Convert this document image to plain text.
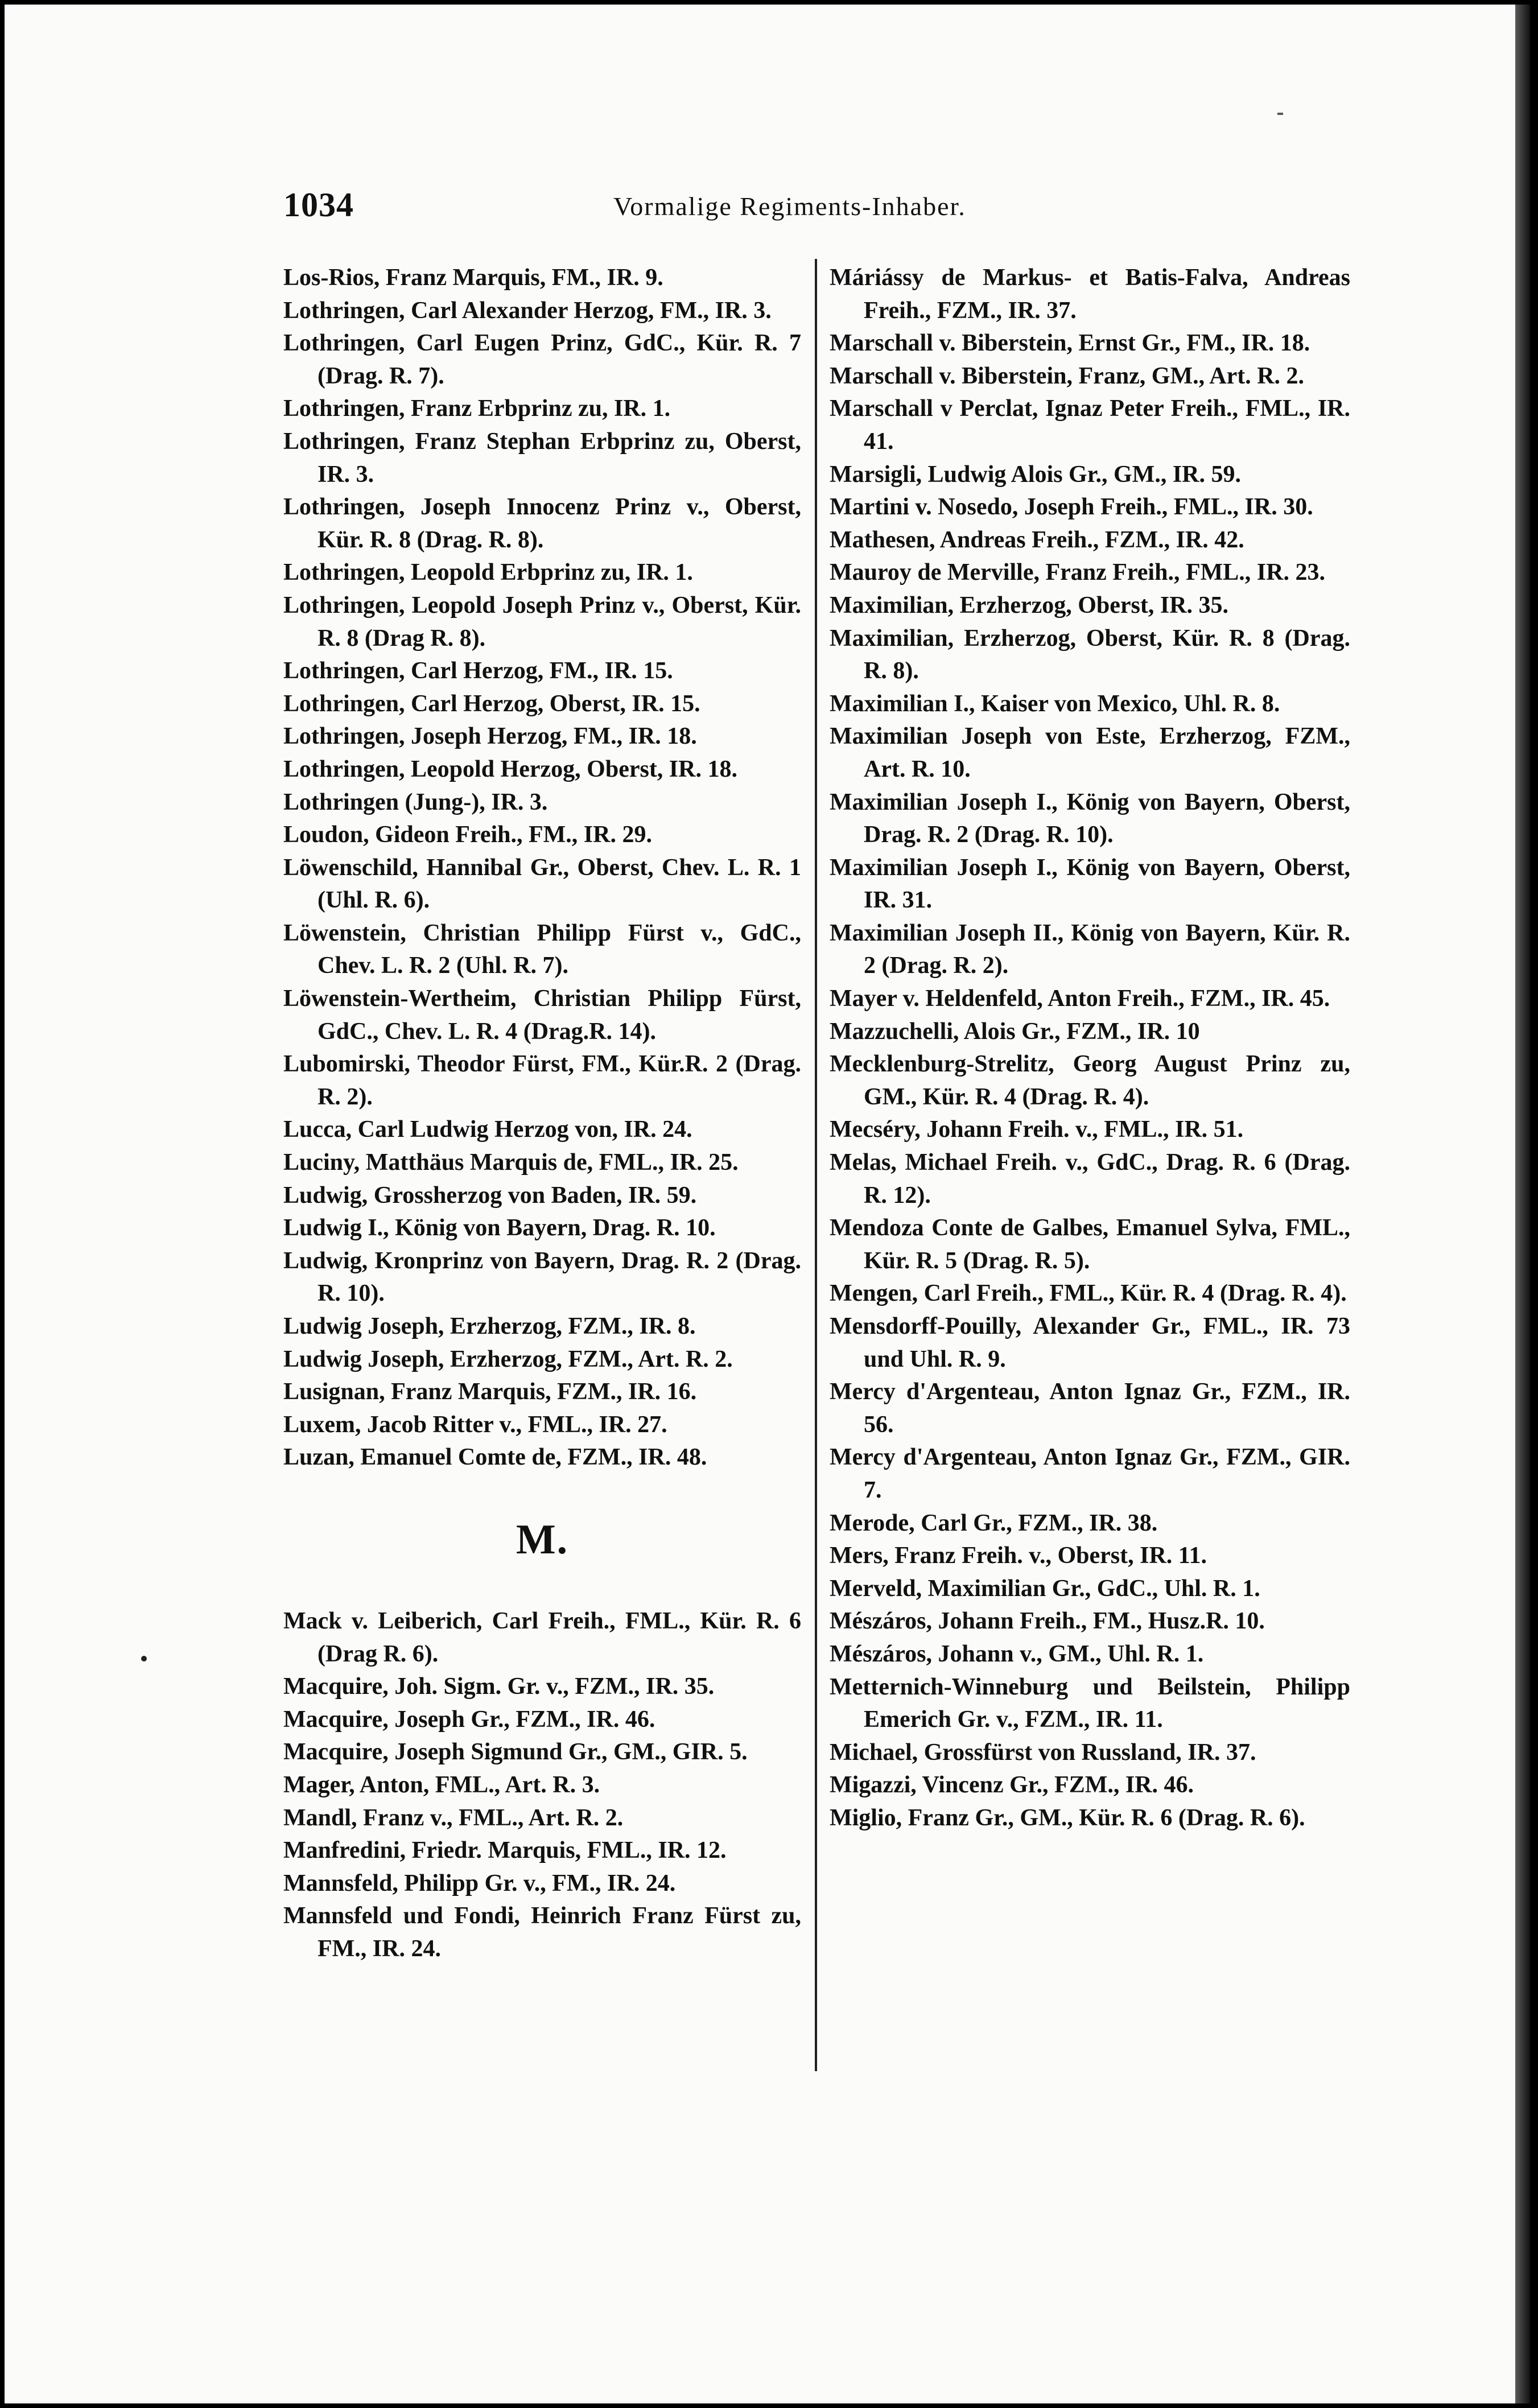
1034	Vormalige Regiments-Inhaber.

Los-Rios, Franz Marquis, FM., IR. 9.

Lothringen, Carl Alexander Herzog, FM., IR. 3.

Lothringen, Carl Eugen Prinz, GdC., Kür. R. 7 (Drag. R. 7).

Lothringen, Franz Erbprinz zu, IR. 1.

Lothringen, Franz Stephan Erbprinz zu, Oberst, IR. 3.

Lothringen, Joseph Innocenz Prinz v., Oberst, Kür. R. 8 (Drag. R. 8).

Lothringen, Leopold Erbprinz zu, IR. 1.

Lothringen, Leopold Joseph Prinz v., Oberst, Kür. R. 8 (Drag R. 8).

Lothringen, Carl Herzog, FM., IR. 15.

Lothringen, Carl Herzog, Oberst, IR. 15.

Lothringen, Joseph Herzog, FM., IR. 18.

Lothringen, Leopold Herzog, Oberst, IR. 18.

Lothringen (Jung-), IR. 3.

Loudon, Gideon Freih., FM., IR. 29.

Löwenschild, Hannibal Gr., Oberst, Chev. L. R. 1 (Uhl. R. 6).

Löwenstein, Christian Philipp Fürst v., GdC., Chev. L. R. 2 (Uhl. R. 7).

Löwenstein-Wertheim, Christian Philipp Fürst, GdC., Chev. L. R. 4 (Drag.R. 14).

Lubomirski, Theodor Fürst, FM., Kür.R. 2 (Drag. R. 2).

Lucca, Carl Ludwig Herzog von, IR. 24.

Luciny, Matthäus Marquis de, FML., IR. 25.

Ludwig, Grossherzog von Baden, IR. 59.

Ludwig I., König von Bayern, Drag. R. 10.

Ludwig, Kronprinz von Bayern, Drag. R. 2 (Drag. R. 10).

Ludwig Joseph, Erzherzog, FZM., IR. 8.

Ludwig Joseph, Erzherzog, FZM., Art. R. 2.

Lusignan, Franz Marquis, FZM., IR. 16.

Luxem, Jacob Ritter v., FML., IR. 27.

Luzan, Emanuel Comte de, FZM., IR. 48.

M.

Mack v. Leiberich, Carl Freih., FML., Kür. R. 6 (Drag R. 6).

Macquire, Joh. Sigm. Gr. v., FZM., IR. 35.

Macquire, Joseph Gr., FZM., IR. 46.

Macquire, Joseph Sigmund Gr., GM., GIR. 5.

Mager, Anton, FML., Art. R. 3.

Mandl, Franz v., FML., Art. R. 2.

Manfredini, Friedr. Marquis, FML., IR. 12.

Mannsfeld, Philipp Gr. v., FM., IR. 24.

Mannsfeld und Fondi, Heinrich Franz Fürst zu, FM., IR. 24.

Máriássy de Markus- et Batis-Falva, Andreas Freih., FZM., IR. 37.

Marschall v. Biberstein, Ernst Gr., FM., IR. 18.

Marschall v. Biberstein, Franz, GM., Art. R. 2.

Marschall v Perclat, Ignaz Peter Freih., FML., IR. 41.

Marsigli, Ludwig Alois Gr., GM., IR. 59.

Martini v. Nosedo, Joseph Freih., FML., IR. 30.

Mathesen, Andreas Freih., FZM., IR. 42.

Mauroy de Merville, Franz Freih., FML., IR. 23.

Maximilian, Erzherzog, Oberst, IR. 35.

Maximilian, Erzherzog, Oberst, Kür. R. 8 (Drag. R. 8).

Maximilian I., Kaiser von Mexico, Uhl. R. 8.

Maximilian Joseph von Este, Erzherzog, FZM., Art. R. 10.

Maximilian Joseph I., König von Bayern, Oberst, Drag. R. 2 (Drag. R. 10).

Maximilian Joseph I., König von Bayern, Oberst, IR. 31.

Maximilian Joseph II., König von Bayern, Kür. R. 2 (Drag. R. 2).

Mayer v. Heldenfeld, Anton Freih., FZM., IR. 45.

Mazzuchelli, Alois Gr., FZM., IR. 10

Mecklenburg-Strelitz, Georg August Prinz zu, GM., Kür. R. 4 (Drag. R. 4).

Mecséry, Johann Freih. v., FML., IR. 51.

Melas, Michael Freih. v., GdC., Drag. R. 6 (Drag. R. 12).

Mendoza Conte de Galbes, Emanuel Sylva, FML., Kür. R. 5 (Drag. R. 5).

Mengen, Carl Freih., FML., Kür. R. 4 (Drag. R. 4).

Mensdorff-Pouilly, Alexander Gr., FML., IR. 73 und Uhl. R. 9.

Mercy d'Argenteau, Anton Ignaz Gr., FZM., IR. 56.

Mercy d'Argenteau, Anton Ignaz Gr., FZM., GIR. 7.

Merode, Carl Gr., FZM., IR. 38.

Mers, Franz Freih. v., Oberst, IR. 11.

Merveld, Maximilian Gr., GdC., Uhl. R. 1.

Mészáros, Johann Freih., FM., Husz.R. 10.

Mészáros, Johann v., GM., Uhl. R. 1.

Metternich-Winneburg und Beilstein, Philipp Emerich Gr. v., FZM., IR. 11.

Michael, Grossfürst von Russland, IR. 37.

Migazzi, Vincenz Gr., FZM., IR. 46.

Miglio, Franz Gr., GM., Kür. R. 6 (Drag. R. 6).
